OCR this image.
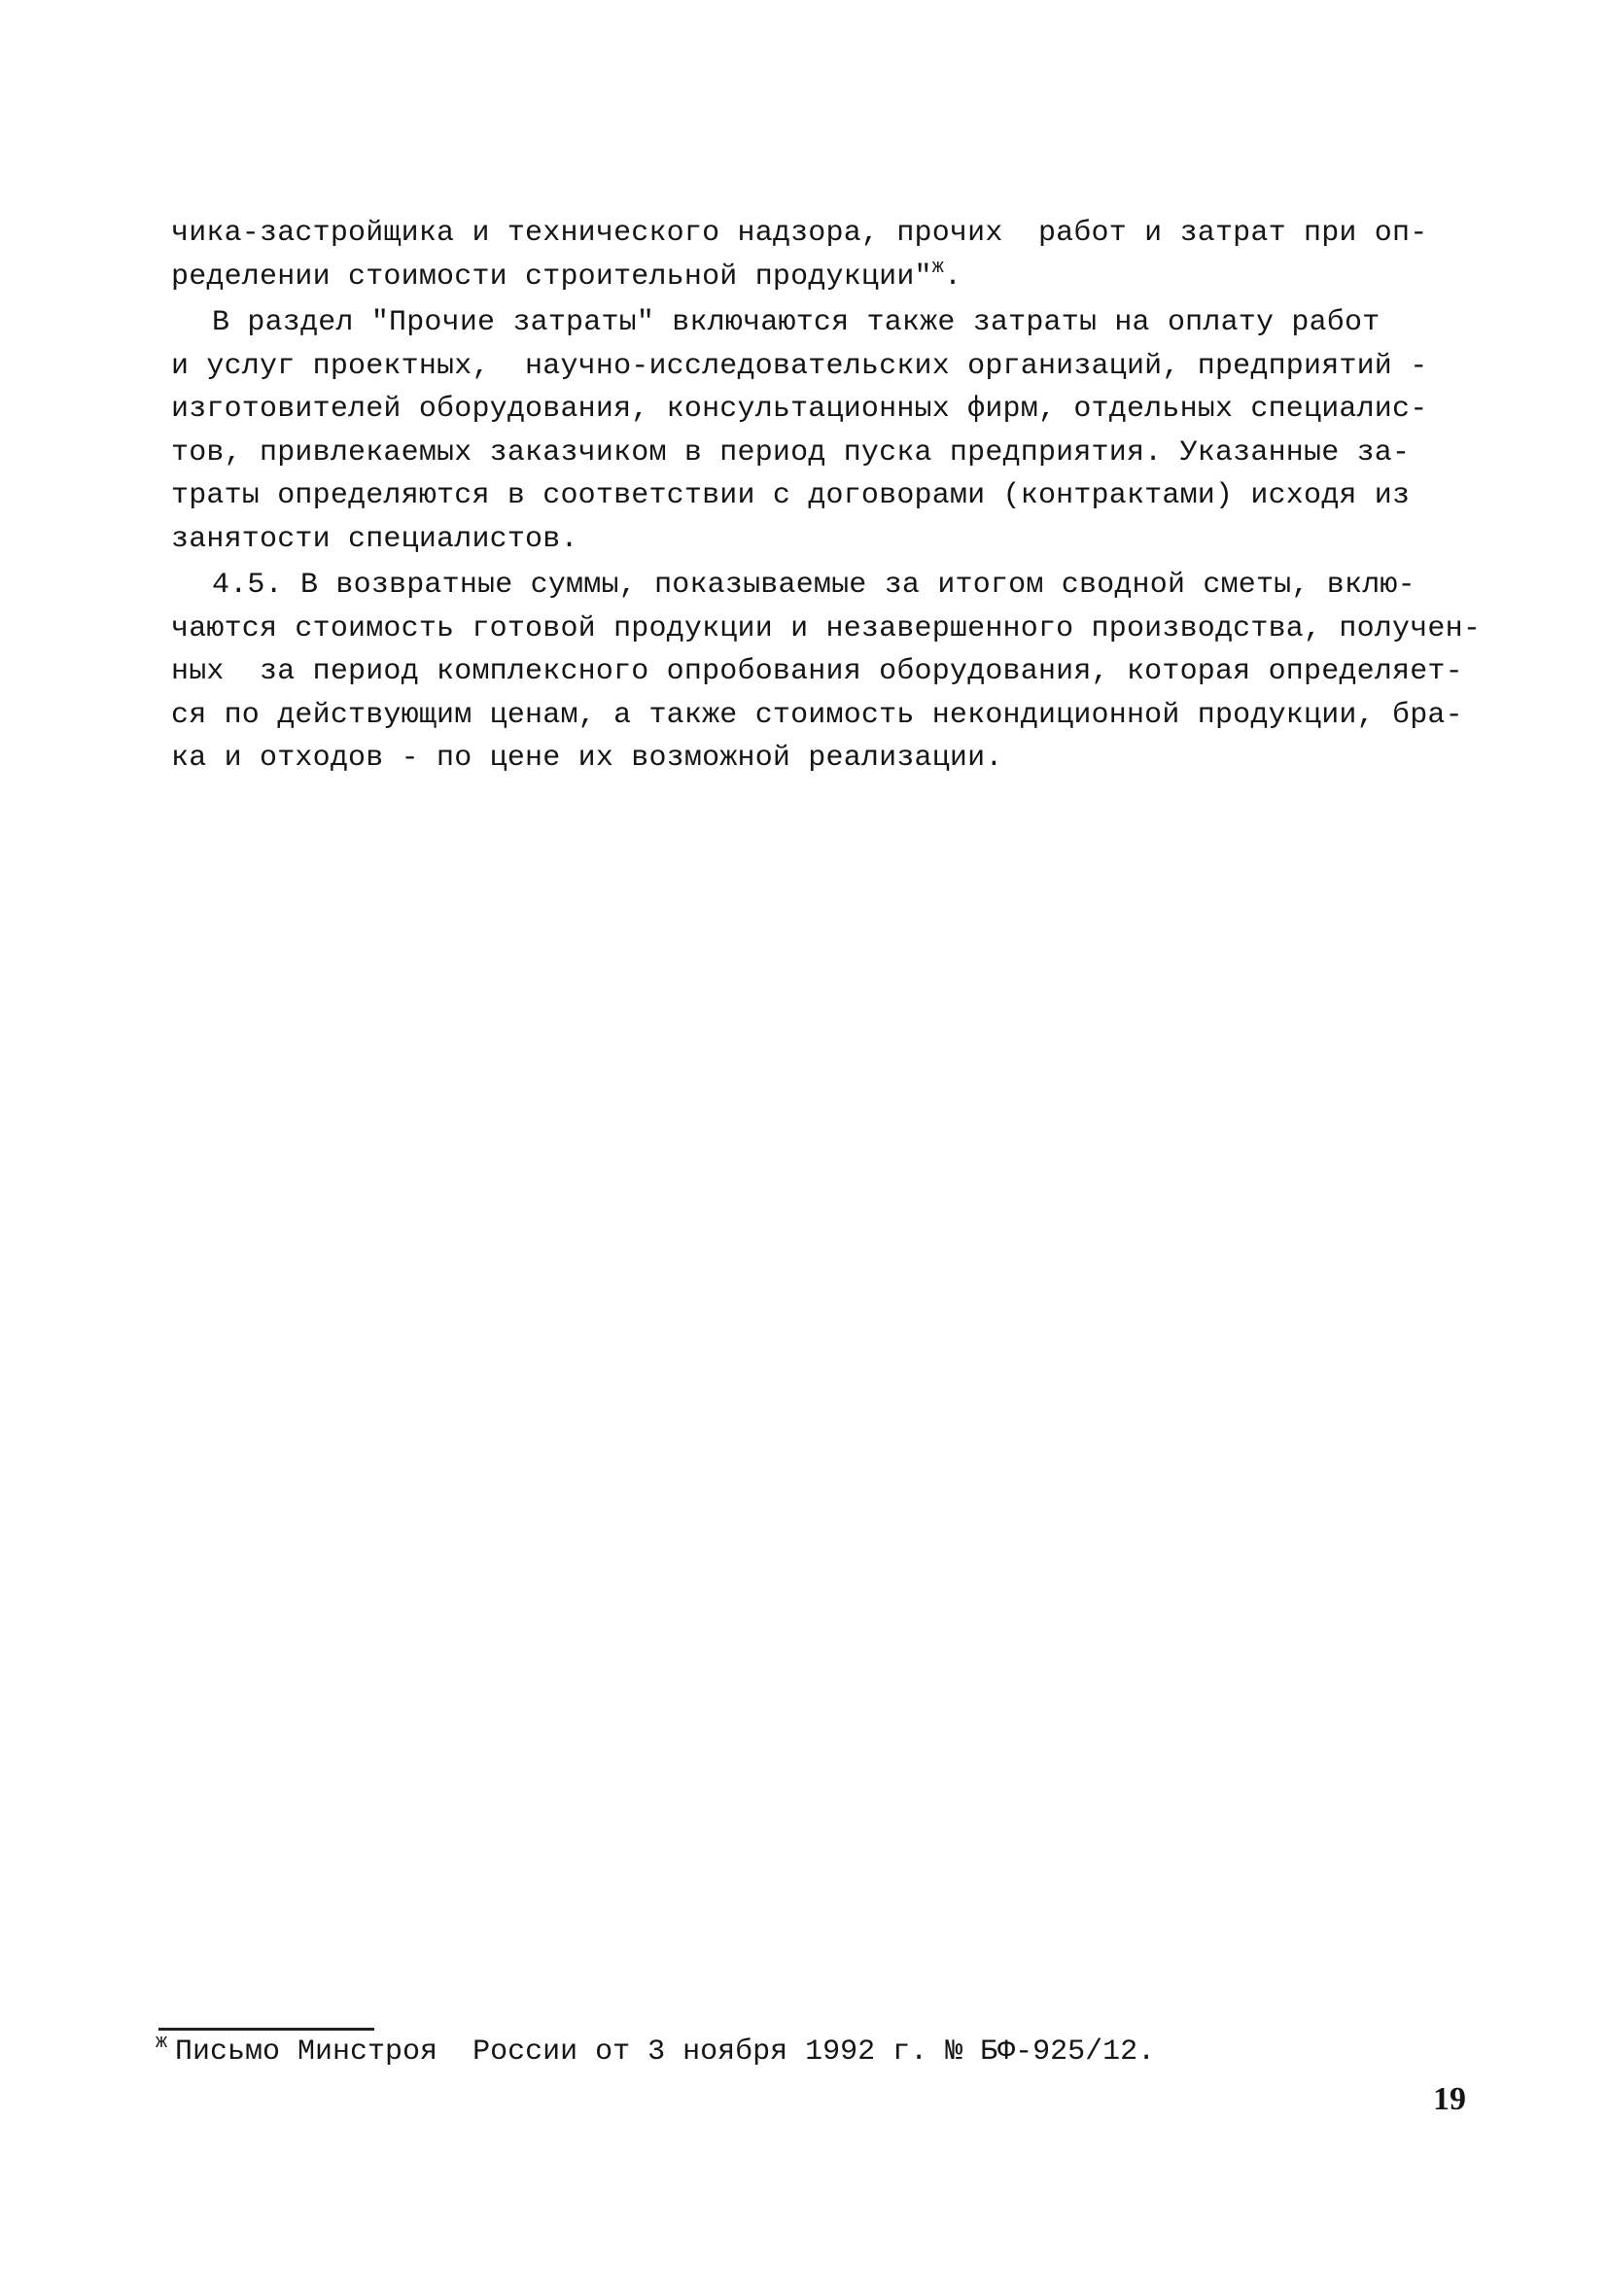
чика-застройщика и технического надзора, прочих  работ и затрат при оп-
ределении стоимости строительной продукции"$^ж$.
В раздел "Прочие затраты" включаются также затраты на оплату работ
и услуг проектных,  научно-исследовательских организаций, предприятий -
изготовителей оборудования, консультационных фирм, отдельных специалис-
тов, привлекаемых заказчиком в период пуска предприятия. Указанные за-
траты определяются в соответствии с договорами (контрактами) исходя из
занятости специалистов.
4.5. В возвратные суммы, показываемые за итогом сводной сметы, вклю-
чаются стоимость готовой продукции и незавершенного производства, получен-
ных  за период комплексного опробования оборудования, которая определяет-
ся по действующим ценам, а также стоимость некондиционной продукции, бра-
ка и отходов - по цене их возможной реализации.
$^ж$ Письмо Минстроя  России от 3 ноября 1992 г. № БФ-925/12.
19
